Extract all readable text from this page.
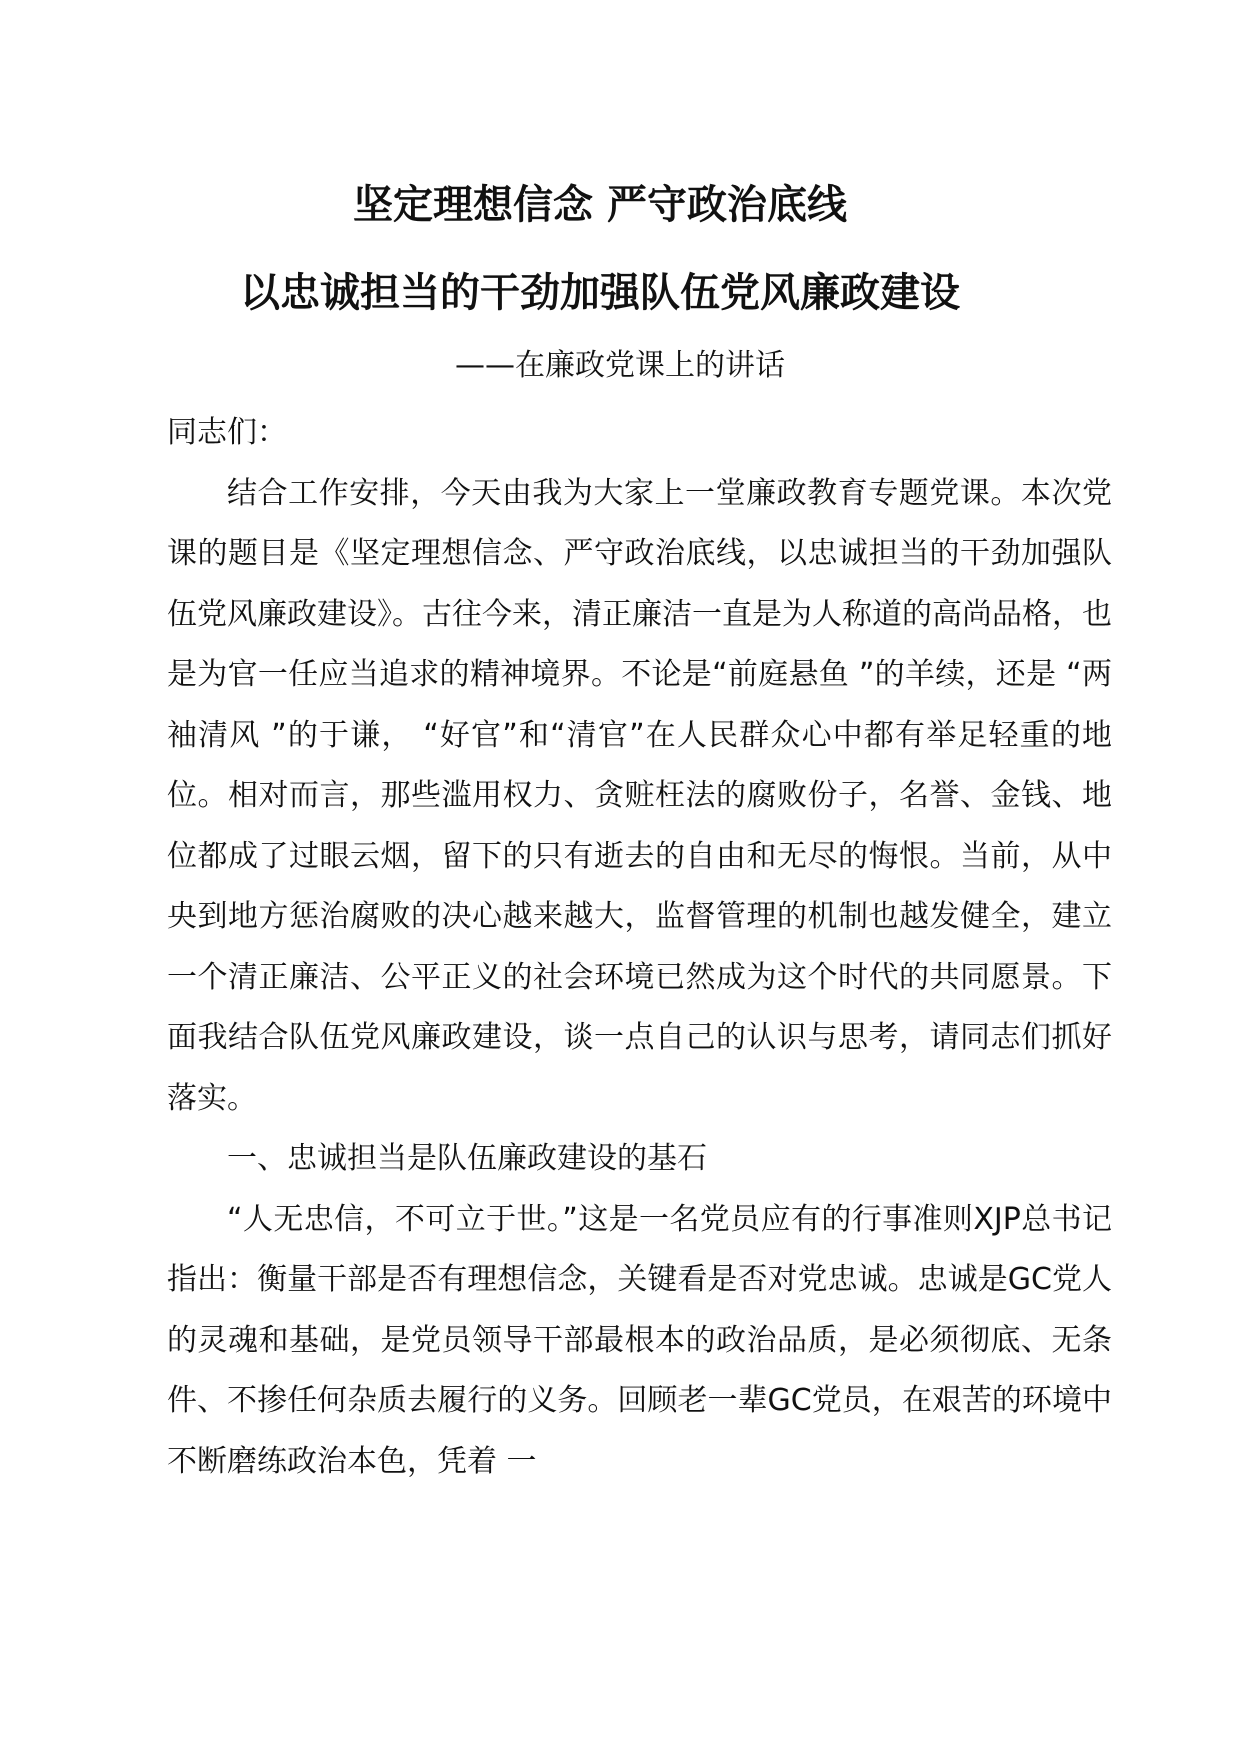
坚定理想信念 严守政治底线
以忠诚担当的干劲加强队伍党风廉政建设

——在廉政党课上的讲话

同志们：

结合工作安排，今天由我为大家上一堂廉政教育专题党课。本次党课的题目是《坚定理想信念、严守政治底线，以忠诚担当的干劲加强队伍党风廉政建设》。古往今来，清正廉洁一直是为人称道的高尚品格，也是为官一任应当追求的精神境界。不论是“前庭悬鱼 ”的羊续，还是 “两袖清风 ”的于谦， “好官”和“清官”在人民群众心中都有举足轻重的地位。相对而言，那些滥用权力、贪赃枉法的腐败份子，名誉、金钱、地位都成了过眼云烟，留下的只有逝去的自由和无尽的悔恨。当前，从中央到地方惩治腐败的决心越来越大，监督管理的机制也越发健全，建立一个清正廉洁、公平正义的社会环境已然成为这个时代的共同愿景。下面我结合队伍党风廉政建设，谈一点自己的认识与思考，请同志们抓好落实。

一、忠诚担当是队伍廉政建设的基石

“人无忠信，不可立于世。”这是一名党员应有的行事准则XJP总书记指出：衡量干部是否有理想信念，关键看是否对党忠诚。忠诚是GC党人的灵魂和基础，是党员领导干部最根本的政治品质，是必须彻底、无条件、不掺任何杂质去履行的义务。回顾老一辈GC党员，在艰苦的环境中不断磨练政治本色，凭着 一
